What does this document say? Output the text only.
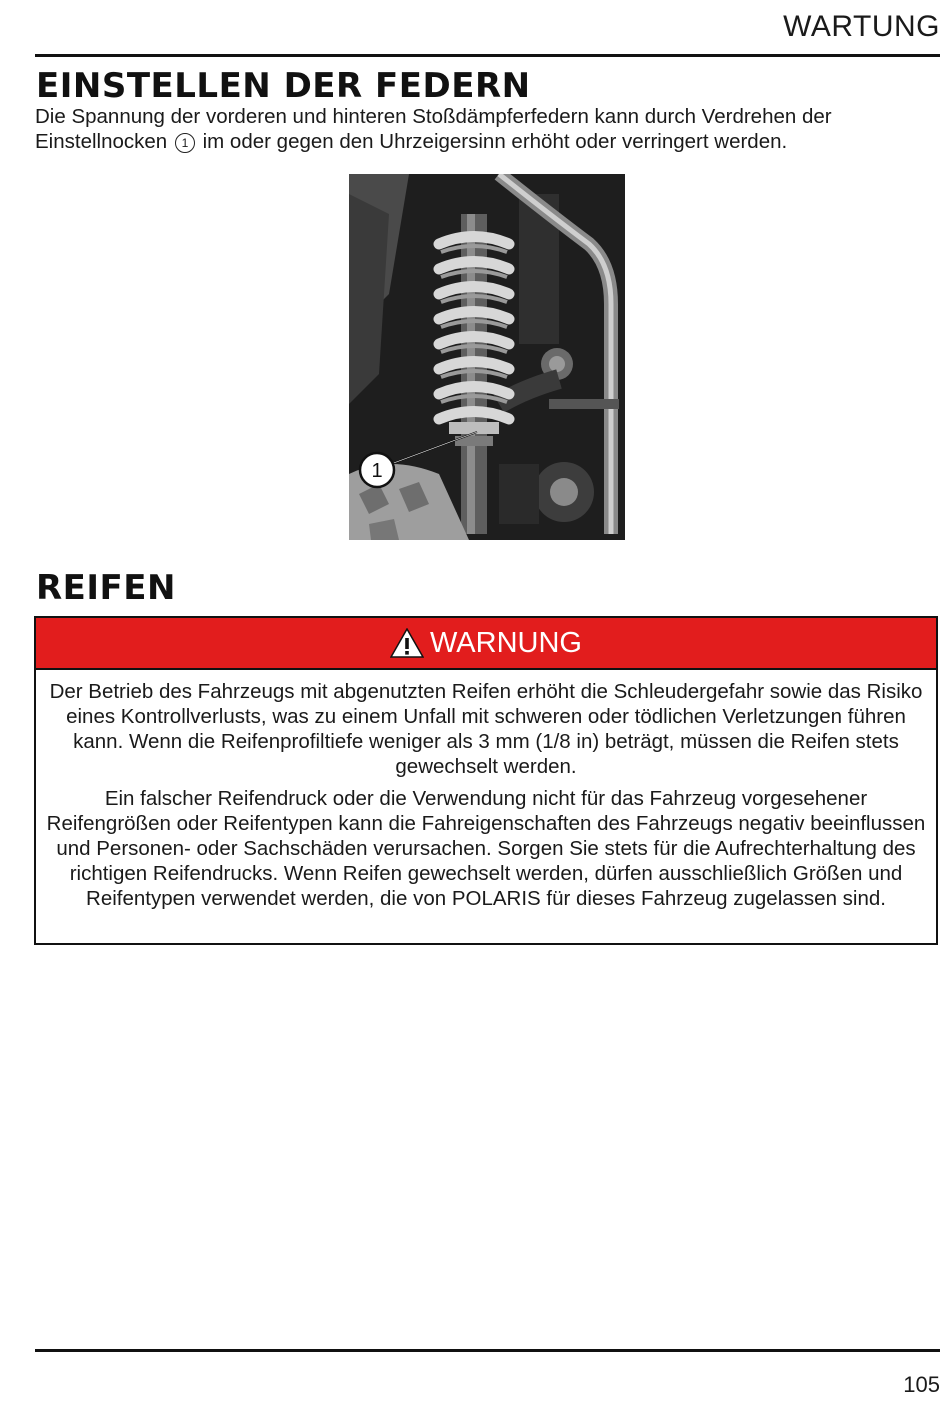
WARTUNG
EINSTELLEN DER FEDERN
Die Spannung der vorderen und hinteren Stoßdämpferfedern kann durch Verdrehen der Einstellnocken 1 im oder gegen den Uhrzeigersinn erhöht oder verringert werden.
1
REIFEN
WARNUNG

Der Betrieb des Fahrzeugs mit abgenutzten Reifen erhöht die Schleudergefahr sowie das Risiko eines Kontrollverlusts, was zu einem Unfall mit schweren oder tödlichen Verletzungen führen kann. Wenn die Reifenprofiltiefe weniger als 3 mm (1/8 in) beträgt, müssen die Reifen stets gewechselt werden.

Ein falscher Reifendruck oder die Verwendung nicht für das Fahrzeug vorgesehener Reifengrößen oder Reifentypen kann die Fahreigenschaften des Fahrzeugs negativ beeinflussen und Personen- oder Sachschäden verursachen. Sorgen Sie stets für die Aufrechterhaltung des richtigen Reifendrucks. Wenn Reifen gewechselt werden, dürfen ausschließlich Größen und Reifentypen verwendet werden, die von POLARIS für dieses Fahrzeug zugelassen sind.

105
